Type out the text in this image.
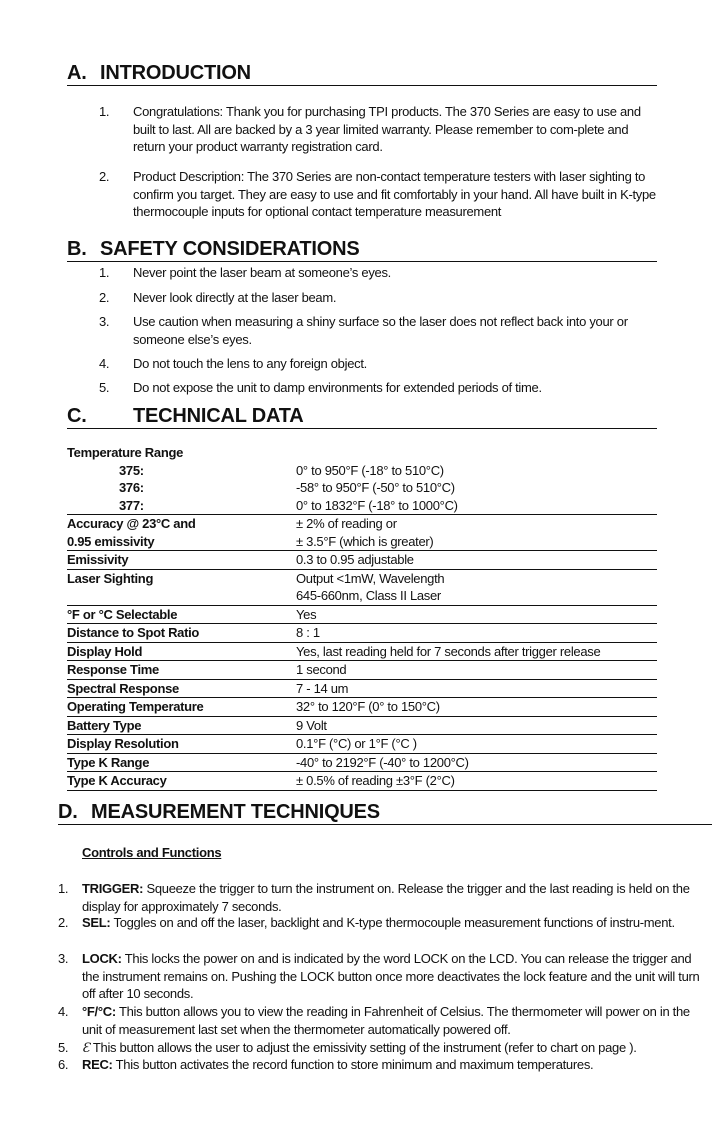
A. INTRODUCTION
1. Congratulations: Thank you for purchasing TPI products. The 370 Series are easy to use and built to last. All are backed by a 3 year limited warranty. Please remember to com-plete and return your product warranty registration card.
2. Product Description: The 370 Series are non-contact temperature testers with laser sighting to confirm you target. They are easy to use and fit comfortably in your hand. All have built in K-type thermocouple inputs for optional contact temperature measurement
B. SAFETY CONSIDERATIONS
1. Never point the laser beam at someone’s eyes.
2. Never look directly at the laser beam.
3. Use caution when measuring a shiny surface so the laser does not reflect back into your or someone else’s eyes.
4. Do not touch the lens to any foreign object.
5. Do not expose the unit to damp environments for extended periods of time.
C. TECHNICAL DATA
Temperature Range	
375:	0° to 950°F (-18° to 510°C)
376:	-58° to 950°F (-50° to 510°C)
377:	0° to 1832°F (-18° to 1000°C)
Accuracy @ 23°C and	± 2% of reading or
0.95 emissivity	± 3.5°F (which is greater)
Emissivity	0.3 to 0.95 adjustable
Laser Sighting	Output <1mW, Wavelength
	645-660nm, Class II Laser
°F or °C Selectable	Yes
Distance to Spot Ratio	8 : 1
Display Hold	Yes, last reading held for 7 seconds after trigger release
Response Time	1 second
Spectral Response	7 - 14 um
Operating Temperature	32° to 120°F (0° to 150°C)
Battery Type	9 Volt
Display Resolution	0.1°F (°C) or 1°F (°C )
Type K Range	-40° to 2192°F (-40° to 1200°C)
Type K Accuracy	± 0.5% of reading ±3°F (2°C)
D. MEASUREMENT TECHNIQUES
Controls and Functions
1. TRIGGER: Squeeze the trigger to turn the instrument on. Release the trigger and the last reading is held on the display for approximately 7 seconds.
2. SEL: Toggles on and off the laser, backlight and K-type thermocouple measurement functions of instru-ment.
3. LOCK: This locks the power on and is indicated by the word LOCK on the LCD. You can release the trigger and the instrument remains on. Pushing the LOCK button once more deactivates the lock feature and the unit will turn off after 10 seconds.
4. °F/°C: This button allows you to view the reading in Fahrenheit of Celsius. The thermometer will power on in the unit of measurement last set when the thermometer automatically powered off.
5. Ɛ This button allows the user to adjust the emissivity setting of the instrument (refer to chart on page ).
6. REC: This button activates the record function to store minimum and maximum temperatures.
